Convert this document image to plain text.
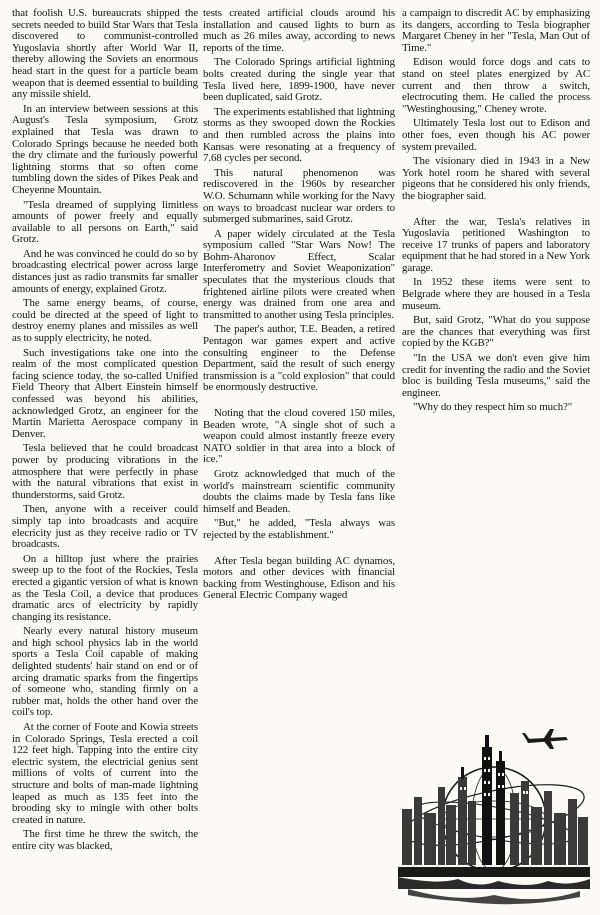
that foolish U.S. bureaucrats shipped the secrets needed to build Star Wars that Tesla discovered to communist-controlled Yugoslavia shortly after World War II, thereby allowing the Soviets an enormous head start in the quest for a particle beam weapon that is deemed essential to building any missile shield.

In an interview between sessions at this August's Tesla symposium, Grotz explained that Tesla was drawn to Colorado Springs because he needed both the dry climate and the furiously powerful lightning storms that so often come tumbling down the sides of Pikes Peak and Cheyenne Mountain.

"Tesla dreamed of supplying limitless amounts of power freely and equally available to all persons on Earth," said Grotz.

And he was convinced he could do so by broadcasting electrical power across large distances just as radio transmits far smaller amounts of energy, explained Grotz.

The same energy beams, of course, could be directed at the speed of light to destroy enemy planes and missiles as well as to supply electricity, he noted.

Such investigations take one into the realm of the most complicated question facing science today, the so-called Unified Field Theory that Albert Einstein himself confessed was beyond his abilities, acknowledged Grotz, an engineer for the Martin Marietta Aerospace company in Denver.

Tesla believed that he could broadcast power by producing vibrations in the atmosphere that were perfectly in phase with the natural vibrations that exist in thunderstorms, said Grotz.

Then, anyone with a receiver could simply tap into broadcasts and acquire elecricity just as they receive radio or TV broadcasts.

On a hilltop just where the prairies sweep up to the foot of the Rockies, Tesla erected a gigantic version of what is known as the Tesla Coil, a device that produces dramatic arcs of electricity by rapidly changing its resistance.

Nearly every natural history museum and high school physics lab in the world sports a Tesla Coil capable of making delighted students' hair stand on end or of arcing dramatic sparks from the fingertips of someone who, standing firmly on a rubber mat, holds the other hand over the coil's top.

At the corner of Foote and Kowia streets in Colorado Springs, Tesla erected a coil 122 feet high. Tapping into the entire city electric system, the electricial genius sent millions of volts of current into the structure and bolts of man-made lightning leaped as much as 135 feet into the brooding sky to mingle with other bolts created in nature.

The first time he threw the switch, the entire city was blacked,

tests created artificial clouds around his installation and caused lights to burn as much as 26 miles away, according to news reports of the time.

The Colorado Springs artificial lightning bolts created during the single year that Tesla lived here, 1899-1900, have never been duplicated, said Grotz.

The experiments established that lightning storms as they swooped down the Rockies and then rumbled across the plains into Kansas were resonating at a frequency of 7.68 cycles per second.

This natural phenomenon was rediscovered in the 1960s by researcher W.O. Schumann while working for the Navy on ways to broadcast nuclear war orders to submerged submarines, said Grotz.

A paper widely circulated at the Tesla symposium called "Star Wars Now! The Bohm-Aharonov Effect, Scalar Interferometry and Soviet Weaponization" speculates that the mysterious clouds that frightened airline pilots were created when energy was drained from one area and transmitted to another using Tesla principles.

The paper's author, T.E. Beaden, a retired Pentagon war games expert and active consulting engineer to the Defense Department, said the result of such energy transmission is a "cold explosion" that could be enormously destructive.

Noting that the cloud covered 150 miles, Beaden wrote, "A single shot of such a weapon could almost instantly freeze every NATO soldier in that area into a block of ice."

Grotz acknowledged that much of the world's mainstream scientific community doubts the claims made by Tesla fans like himself and Beaden.

"But," he added, "Tesla always was rejected by the establishment."

After Tesla began building AC dynamos, motors and other devices with financial backing from Westinghouse, Edison and his General Electric Company waged

a campaign to discredit AC by emphasizing its dangers, according to Tesla biographer Margaret Cheney in her "Tesla, Man Out of Time."

Edison would force dogs and cats to stand on steel plates energized by AC current and then throw a switch, electrocuting them. He called the process "Westinghousing," Cheney wrote.

Ultimately Tesla lost out to Edison and other foes, even though his AC power system prevailed.

The visionary died in 1943 in a New York hotel room he shared with several pigeons that he considered his only friends, the biographer said.

After the war, Tesla's relatives in Yugoslavia petitioned Washington to receive 17 trunks of papers and laboratory equipment that he had stored in a New York garage.

In 1952 these items were sent to Belgrade where they are housed in a Tesla museum.

But, said Grotz, "What do you suppose are the chances that everything was first copied by the KGB?"

"In the USA we don't even give him credit for inventing the radio and the Soviet bloc is building Tesla museums," said the engineer.

"Why do they respect him so much?"
